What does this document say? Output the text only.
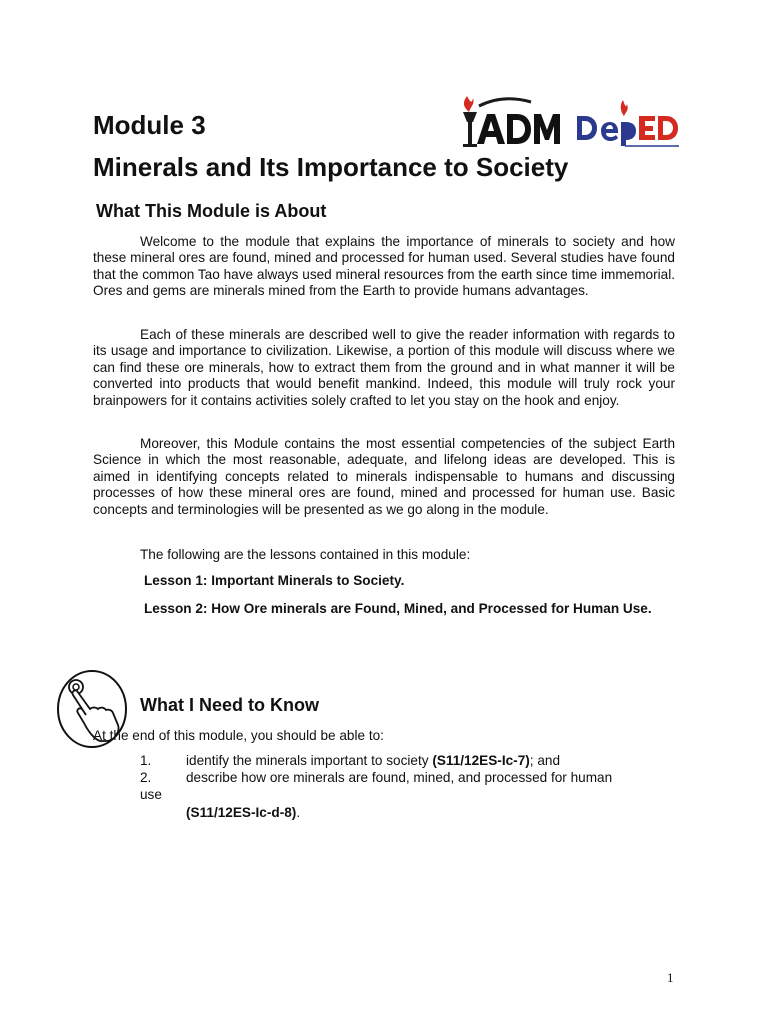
Module 3
Minerals and Its Importance to Society
What This Module is About

Welcome to the module that explains the importance of minerals to society and how these mineral ores are found, mined and processed for human used. Several studies have found that the common Tao have always used mineral resources from the earth since time immemorial. Ores and gems are minerals mined from the Earth to provide humans advantages.

Each of these minerals are described well to give the reader information with regards to its usage and importance to civilization. Likewise, a portion of this module will discuss where we can find these ore minerals, how to extract them from the ground and in what manner it will be converted into products that would benefit mankind. Indeed, this module will truly rock your brainpowers for it contains activities solely crafted to let you stay on the hook and enjoy.

Moreover, this Module contains the most essential competencies of the subject Earth Science in which the most reasonable, adequate, and lifelong ideas are developed. This is aimed in identifying concepts related to minerals indispensable to humans and discussing processes of how these mineral ores are found, mined and processed for human use. Basic concepts and terminologies will be presented as we go along in the module.

The following are the lessons contained in this module:
Lesson 1: Important Minerals to Society.

Lesson 2: How Ore minerals are Found, Mined, and Processed for Human Use.

What I Need to Know
At the end of this module, you should be able to:
1.	identify the minerals important to society (S11/12ES-Ic-7); and
2.	describe how ore minerals are found, mined, and processed for human
use
(S11/12ES-Ic-d-8).
1
